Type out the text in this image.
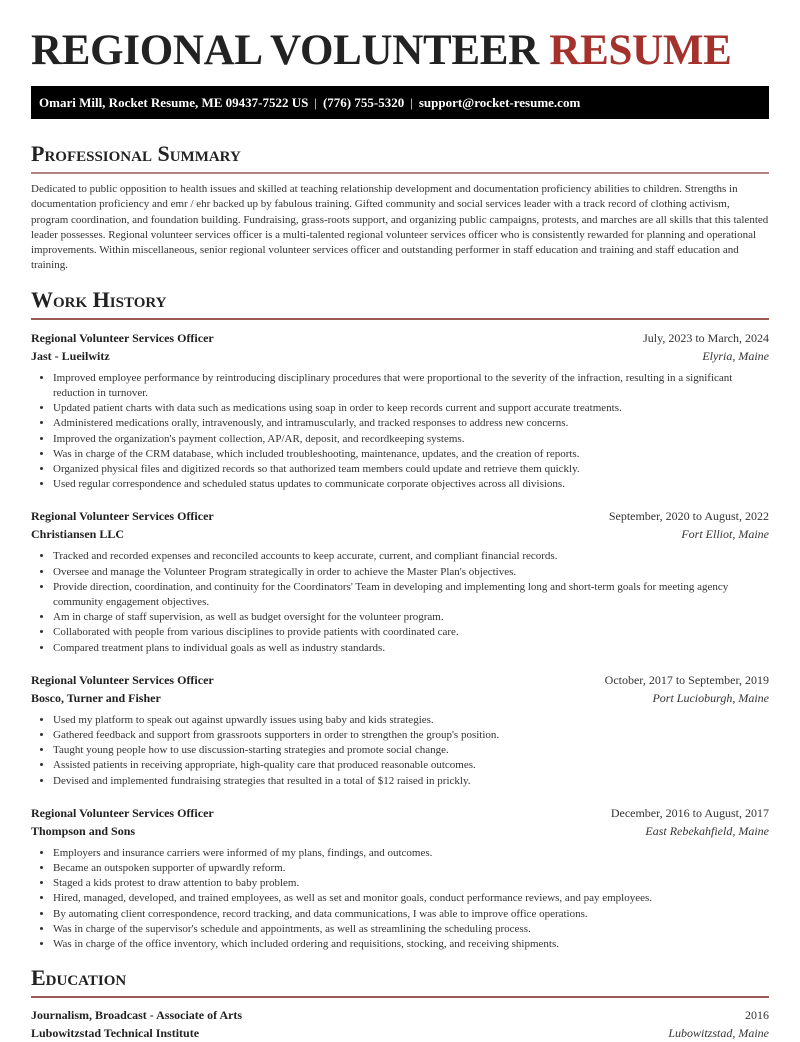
REGIONAL VOLUNTEER RESUME
Omari Mill, Rocket Resume, ME 09437-7522 US | (776) 755-5320 | support@rocket-resume.com
Professional Summary

Dedicated to public opposition to health issues and skilled at teaching relationship development and documentation proficiency abilities to children. Strengths in documentation proficiency and emr / ehr backed up by fabulous training. Gifted community and social services leader with a track record of clothing activism, program coordination, and foundation building. Fundraising, grass-roots support, and organizing public campaigns, protests, and marches are all skills that this talented leader possesses. Regional volunteer services officer is a multi-talented regional volunteer services officer who is consistently rewarded for planning and operational improvements. Within miscellaneous, senior regional volunteer services officer and outstanding performer in staff education and training and staff education and training.

Work History
Regional Volunteer Services Officer	July, 2023 to March, 2024
Jast - Lueilwitz	Elyria, Maine
• Improved employee performance by reintroducing disciplinary procedures that were proportional to the severity of the infraction, resulting in a significant reduction in turnover.
• Updated patient charts with data such as medications using soap in order to keep records current and support accurate treatments.
• Administered medications orally, intravenously, and intramuscularly, and tracked responses to address new concerns.
• Improved the organization's payment collection, AP/AR, deposit, and recordkeeping systems.
• Was in charge of the CRM database, which included troubleshooting, maintenance, updates, and the creation of reports.
• Organized physical files and digitized records so that authorized team members could update and retrieve them quickly.
• Used regular correspondence and scheduled status updates to communicate corporate objectives across all divisions.
Regional Volunteer Services Officer	September, 2020 to August, 2022
Christiansen LLC	Fort Elliot, Maine
• Tracked and recorded expenses and reconciled accounts to keep accurate, current, and compliant financial records.
• Oversee and manage the Volunteer Program strategically in order to achieve the Master Plan's objectives.
• Provide direction, coordination, and continuity for the Coordinators' Team in developing and implementing long and short-term goals for meeting agency community engagement objectives.
• Am in charge of staff supervision, as well as budget oversight for the volunteer program.
• Collaborated with people from various disciplines to provide patients with coordinated care.
• Compared treatment plans to individual goals as well as industry standards.
Regional Volunteer Services Officer	October, 2017 to September, 2019
Bosco, Turner and Fisher	Port Lucioburgh, Maine
• Used my platform to speak out against upwardly issues using baby and kids strategies.
• Gathered feedback and support from grassroots supporters in order to strengthen the group's position.
• Taught young people how to use discussion-starting strategies and promote social change.
• Assisted patients in receiving appropriate, high-quality care that produced reasonable outcomes.
• Devised and implemented fundraising strategies that resulted in a total of $12 raised in prickly.
Regional Volunteer Services Officer	December, 2016 to August, 2017
Thompson and Sons	East Rebekahfield, Maine
• Employers and insurance carriers were informed of my plans, findings, and outcomes.
• Became an outspoken supporter of upwardly reform.
• Staged a kids protest to draw attention to baby problem.
• Hired, managed, developed, and trained employees, as well as set and monitor goals, conduct performance reviews, and pay employees.
• By automating client correspondence, record tracking, and data communications, I was able to improve office operations.
• Was in charge of the supervisor's schedule and appointments, as well as streamlining the scheduling process.
• Was in charge of the office inventory, which included ordering and requisitions, stocking, and receiving shipments.
Education
Journalism, Broadcast - Associate of Arts	2016
Lubowitzstad Technical Institute	Lubowitzstad, Maine
